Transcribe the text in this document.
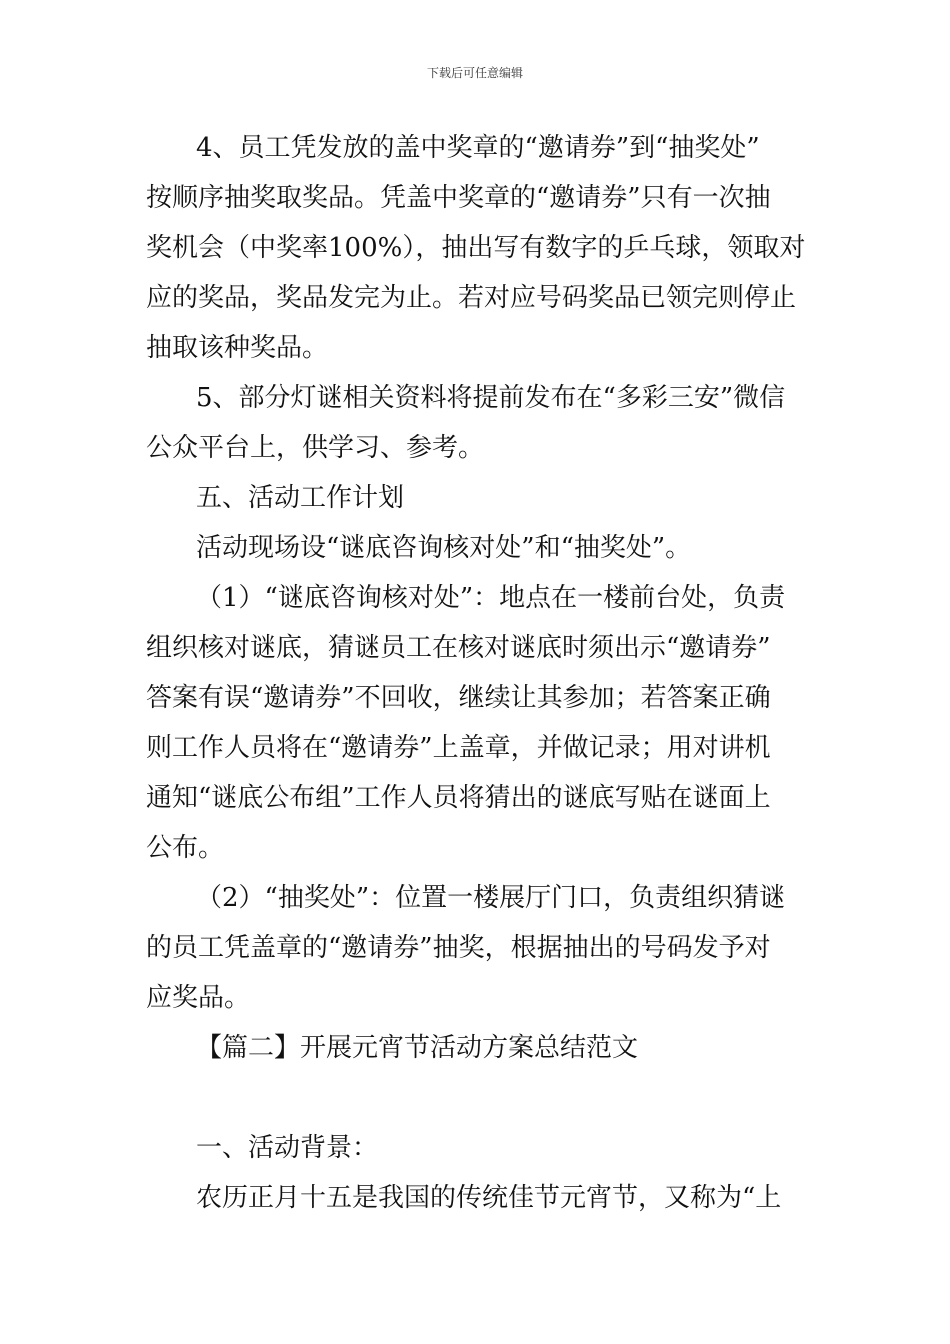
下载后可任意编辑
4、员工凭发放的盖中奖章的“邀请券”到“抽奖处”
按顺序抽奖取奖品。凭盖中奖章的“邀请券”只有一次抽
奖机会（中奖率100%），抽出写有数字的乒乓球，领取对
应的奖品，奖品发完为止。若对应号码奖品已领完则停止
抽取该种奖品。
5、部分灯谜相关资料将提前发布在“多彩三安”微信
公众平台上，供学习、参考。
五、活动工作计划
活动现场设“谜底咨询核对处”和“抽奖处”。
（1）“谜底咨询核对处”：地点在一楼前台处，负责
组织核对谜底，猜谜员工在核对谜底时须出示“邀请券”
答案有误“邀请券”不回收，继续让其参加；若答案正确
则工作人员将在“邀请券”上盖章，并做记录；用对讲机
通知“谜底公布组”工作人员将猜出的谜底写贴在谜面上
公布。
（2）“抽奖处”：位置一楼展厅门口，负责组织猜谜
的员工凭盖章的“邀请券”抽奖，根据抽出的号码发予对
应奖品。
【篇二】开展元宵节活动方案总结范文
一、活动背景：
农历正月十五是我国的传统佳节元宵节，又称为“上
